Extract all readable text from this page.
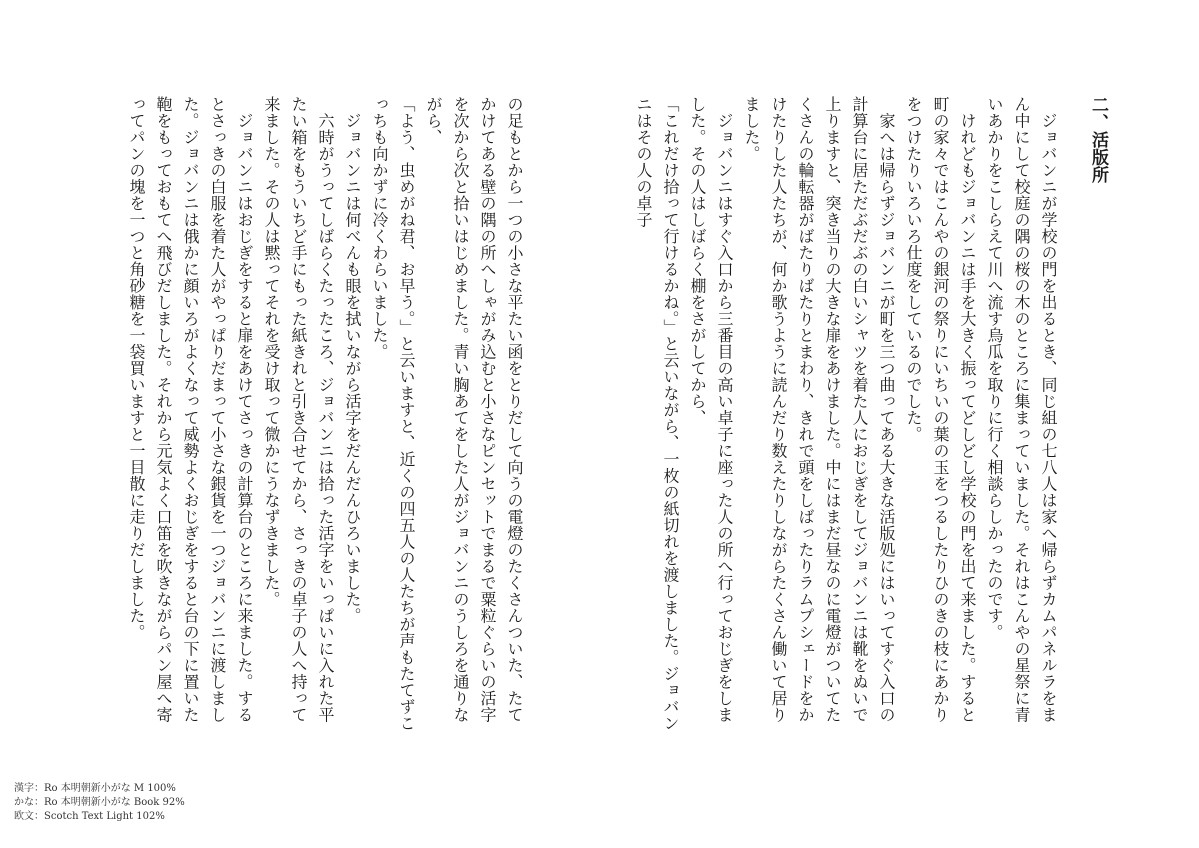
二、活版所

　ジョバンニが学校の門を出るとき、同じ組の七八人は家へ帰らずカムパネルラをまん中にして校庭の隅の桜の木のところに集まっていました。それはこんやの星祭に青いあかりをこしらえて川へ流す烏瓜を取りに行く相談らしかったのです。

　けれどもジョバンニは手を大きく振ってどしどし学校の門を出て来ました。すると町の家々ではこんやの銀河の祭りにいちいの葉の玉をつるしたりひのきの枝にあかりをつけたりいろいろ仕度をしているのでした。

　家へは帰らずジョバンニが町を三つ曲ってある大きな活版処にはいってすぐ入口の計算台に居ただぶだぶの白いシャツを着た人におじぎをしてジョバンニは靴をぬいで上りますと、突き当りの大きな扉をあけました。中にはまだ昼なのに電燈がついてたくさんの輪転器がばたりばたりとまわり、きれで頭をしばったりラムプシェードをかけたりした人たちが、何か歌うように読んだり数えたりしながらたくさん働いて居りました。

　ジョバンニはすぐ入口から三番目の高い卓子に座った人の所へ行っておじぎをしました。その人はしばらく棚をさがしてから、

「これだけ拾って行けるかね。」と云いながら、一枚の紙切れを渡しました。ジョバンニはその人の卓子

の足もとから一つの小さな平たい函をとりだして向うの電燈のたくさんついた、たてかけてある壁の隅の所へしゃがみ込むと小さなピンセットでまるで粟粒ぐらいの活字を次から次と拾いはじめました。青い胸あてをした人がジョバンニのうしろを通りながら、

「よう、虫めがね君、お早う。」と云いますと、近くの四五人の人たちが声もたてずこっちも向かずに冷くわらいました。

　ジョバンニは何べんも眼を拭いながら活字をだんだんひろいました。

　六時がうってしばらくたったころ、ジョバンニは拾った活字をいっぱいに入れた平たい箱をもういちど手にもった紙きれと引き合せてから、さっきの卓子の人へ持って来ました。その人は黙ってそれを受け取って微かにうなずきました。

　ジョバンニはおじぎをすると扉をあけてさっきの計算台のところに来ました。するとさっきの白服を着た人がやっぱりだまって小さな銀貨を一つジョバンニに渡しました。ジョバンニは俄かに顔いろがよくなって威勢よくおじぎをすると台の下に置いた鞄をもっておもてへ飛びだしました。それから元気よく口笛を吹きながらパン屋へ寄ってパンの塊を一つと角砂糖を一袋買いますと一目散に走りだしました。

漢字：Ro 本明朝新小がな M 100%
かな：Ro 本明朝新小がな Book 92%
欧文：Scotch Text Light 102%
